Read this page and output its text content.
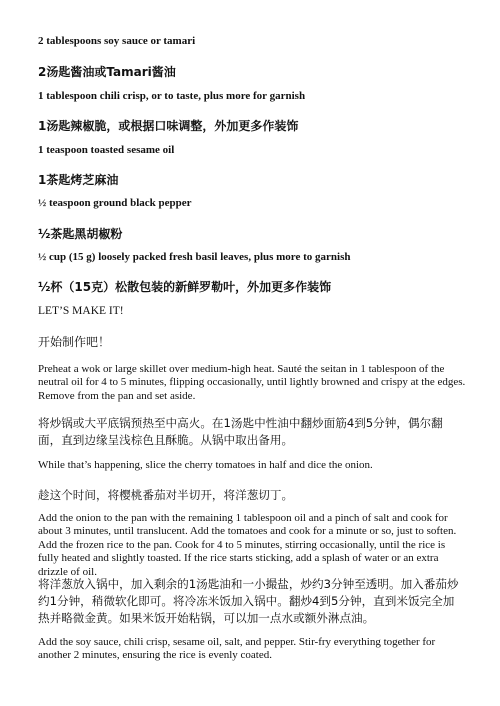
2 tablespoons soy sauce or tamari

2汤匙酱油或Tamari酱油

1 tablespoon chili crisp, or to taste, plus more for garnish

1汤匙辣椒脆，或根据口味调整，外加更多作装饰

1 teaspoon toasted sesame oil

1茶匙烤芝麻油

½ teaspoon ground black pepper

½茶匙黑胡椒粉

½ cup (15 g) loosely packed fresh basil leaves, plus more to garnish

½杯（15克）松散包装的新鲜罗勒叶，外加更多作装饰

LET’S MAKE IT!

开始制作吧！

Preheat a wok or large skillet over medium-high heat. Sauté the seitan in 1 tablespoon of the neutral oil for 4 to 5 minutes, flipping occasionally, until lightly browned and crispy at the edges. Remove from the pan and set aside.

将炒锅或大平底锅预热至中高火。在1汤匙中性油中翻炒面筋4到5分钟，偶尔翻面，直到边缘呈浅棕色且酥脆。从锅中取出备用。

While that’s happening, slice the cherry tomatoes in half and dice the onion.

趁这个时间，将樱桃番茄对半切开，将洋葱切丁。

Add the onion to the pan with the remaining 1 tablespoon oil and a pinch of salt and cook for about 3 minutes, until translucent. Add the tomatoes and cook for a minute or so, just to soften. Add the frozen rice to the pan. Cook for 4 to 5 minutes, stirring occasionally, until the rice is fully heated and slightly toasted. If the rice starts sticking, add a splash of water or an extra drizzle of oil.

将洋葱放入锅中，加入剩余的1汤匙油和一小撮盐，炒约3分钟至透明。加入番茄炒约1分钟，稍微软化即可。将冷冻米饭加入锅中。翻炒4到5分钟，直到米饭完全加热并略微金黄。如果米饭开始粘锅，可以加一点水或额外淋点油。

Add the soy sauce, chili crisp, sesame oil, salt, and pepper. Stir-fry everything together for another 2 minutes, ensuring the rice is evenly coated.
